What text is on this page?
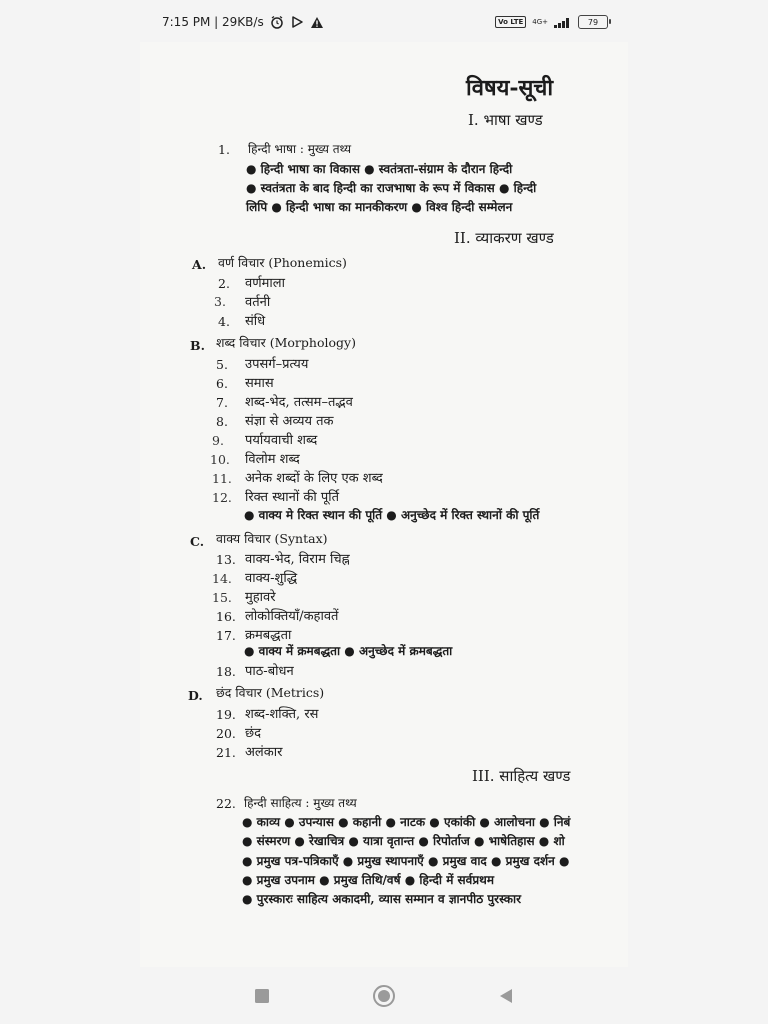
7:15 PM | 29KB/s	Vo LTE	4G+	79
विषय-सूची
I. भाषा खण्ड
1. हिन्दी भाषा : मुख्य तथ्य
● हिन्दी भाषा का विकास ● स्वतंत्रता-संग्राम के दौरान हिन्दी
● स्वतंत्रता के बाद हिन्दी का राजभाषा के रूप में विकास ● हिन्दी
लिपि ● हिन्दी भाषा का मानकीकरण ● विश्व हिन्दी सम्मेलन
II. व्याकरण खण्ड
A. वर्ण विचार (Phonemics)
2. वर्णमाला
3. वर्तनी
4. संधि
B. शब्द विचार (Morphology)
5. उपसर्ग–प्रत्यय
6. समास
7. शब्द-भेद, तत्सम–तद्भव
8. संज्ञा से अव्यय तक
9. पर्यायवाची शब्द
10. विलोम शब्द
11. अनेक शब्दों के लिए एक शब्द
12. रिक्त स्थानों की पूर्ति
● वाक्य मे रिक्त स्थान की पूर्ति ● अनुच्छेद में रिक्त स्थानों की पूर्ति
C. वाक्य विचार (Syntax)
13. वाक्य-भेद, विराम चिह्न
14. वाक्य-शुद्धि
15. मुहावरे
16. लोकोक्तियाँ/कहावतें
17. क्रमबद्धता
● वाक्य में क्रमबद्धता ● अनुच्छेद में क्रमबद्धता
18. पाठ-बोधन
D. छंद विचार (Metrics)
19. शब्द-शक्ति, रस
20. छंद
21. अलंकार
III. साहित्य खण्ड
22. हिन्दी साहित्य : मुख्य तथ्य
● काव्य ● उपन्यास ● कहानी ● नाटक ● एकांकी ● आलोचना ● निबं
● संस्मरण ● रेखाचित्र ● यात्रा वृतान्त ● रिपोर्ताज ● भाषेतिहास ● शो
● प्रमुख पत्र-पत्रिकाएँ ● प्रमुख स्थापनाएँ ● प्रमुख वाद ● प्रमुख दर्शन ●
● प्रमुख उपनाम ● प्रमुख तिथि/वर्ष ● हिन्दी में सर्वप्रथम
● पुरस्कारः साहित्य अकादमी, व्यास सम्मान व ज्ञानपीठ पुरस्कार
